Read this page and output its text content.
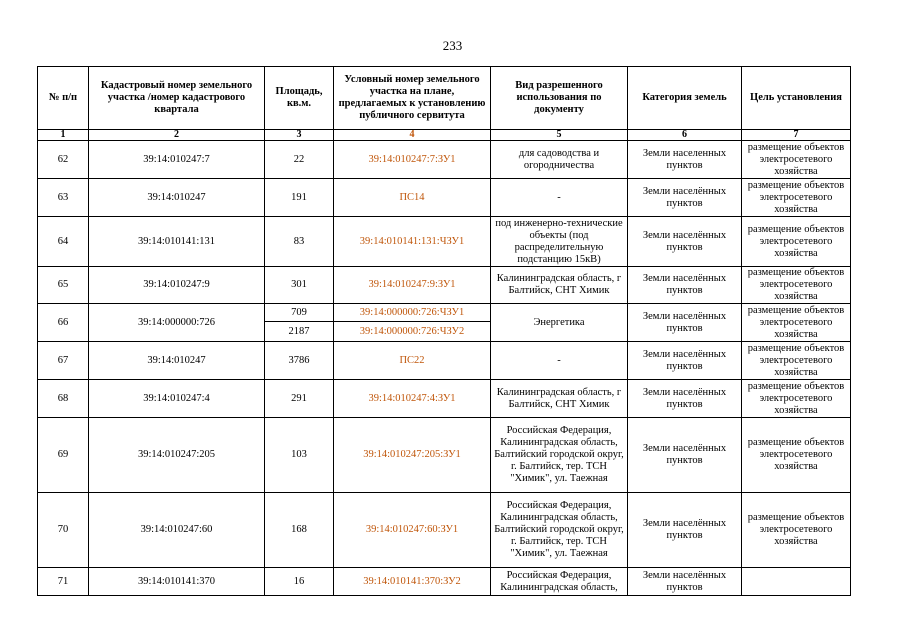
233
№ п/п	Кадастровый номер земельного участка /номер кадастрового квартала	Площадь, кв.м.	Условный номер земельного участка на плане, предлагаемых к установлению публичного сервитута	Вид разрешенного использования по документу	Категория земель	Цель установления
1	2	3	4	5	6	7
62	39:14:010247:7	22	39:14:010247:7:ЗУ1	для садоводства и огородничества	Земли населенных пунктов	размещение объектов электросетевого хозяйства
63	39:14:010247	191	ПС14	-	Земли населённых пунктов	размещение объектов электросетевого хозяйства
64	39:14:010141:131	83	39:14:010141:131:ЧЗУ1	под инженерно-технические объекты (под распределительную подстанцию 15кВ)	Земли населённых пунктов	размещение объектов электросетевого хозяйства
65	39:14:010247:9	301	39:14:010247:9:ЗУ1	Калининградская область, г Балтийск, СНТ Химик	Земли населённых пунктов	размещение объектов электросетевого хозяйства
66	39:14:000000:726	709	39:14:000000:726:ЧЗУ1	Энергетика	Земли населённых пунктов	размещение объектов электросетевого хозяйства
		2187	39:14:000000:726:ЧЗУ2			
67	39:14:010247	3786	ПС22	-	Земли населённых пунктов	размещение объектов электросетевого хозяйства
68	39:14:010247:4	291	39:14:010247:4:ЗУ1	Калининградская область, г Балтийск, СНТ Химик	Земли населённых пунктов	размещение объектов электросетевого хозяйства
69	39:14:010247:205	103	39:14:010247:205:ЗУ1	Российская Федерация, Калининградская область, Балтийский городской округ, г. Балтийск, тер. ТСН "Химик", ул. Таежная	Земли населённых пунктов	размещение объектов электросетевого хозяйства
70	39:14:010247:60	168	39:14:010247:60:ЗУ1	Российская Федерация, Калининградская область, Балтийский городской округ, г. Балтийск, тер. ТСН "Химик", ул. Таежная	Земли населённых пунктов	размещение объектов электросетевого хозяйства
71	39:14:010141:370	16	39:14:010141:370:ЗУ2	Российская Федерация, Калининградская область,	Земли населённых пунктов	
